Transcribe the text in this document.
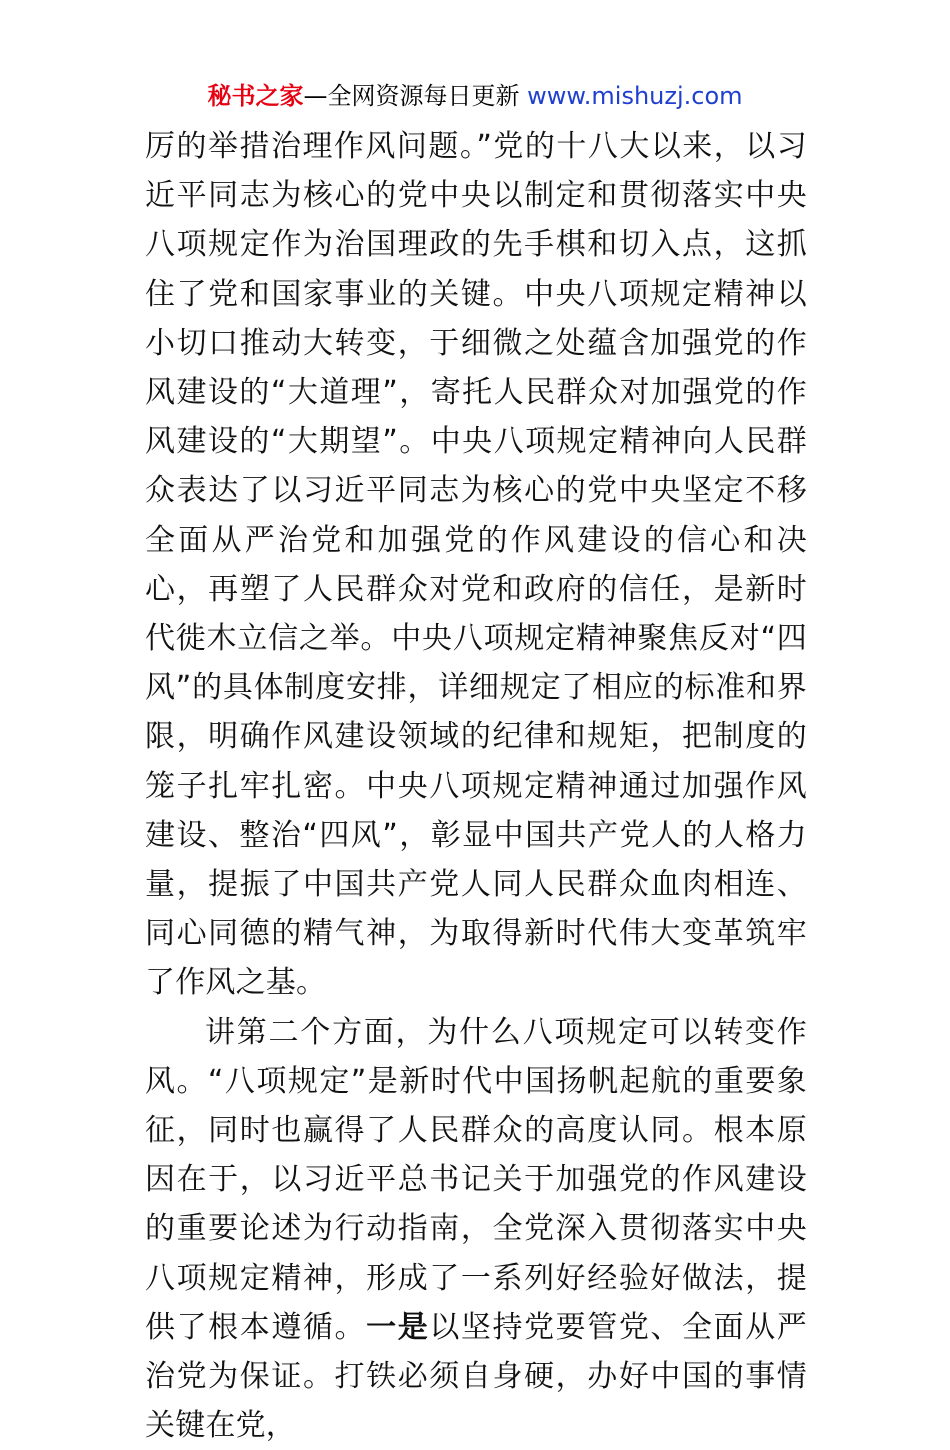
秘书之家—全网资源每日更新 www.mishuzj.com

厉的举措治理作风问题。”党的十八大以来，以习近平同志为核心的党中央以制定和贯彻落实中央八项规定作为治国理政的先手棋和切入点，这抓住了党和国家事业的关键。中央八项规定精神以小切口推动大转变，于细微之处蕴含加强党的作风建设的“大道理”，寄托人民群众对加强党的作风建设的“大期望”。中央八项规定精神向人民群众表达了以习近平同志为核心的党中央坚定不移全面从严治党和加强党的作风建设的信心和决心，再塑了人民群众对党和政府的信任，是新时代徙木立信之举。中央八项规定精神聚焦反对“四风”的具体制度安排，详细规定了相应的标准和界限，明确作风建设领域的纪律和规矩，把制度的笼子扎牢扎密。中央八项规定精神通过加强作风建设、整治“四风”，彰显中国共产党人的人格力量，提振了中国共产党人同人民群众血肉相连、同心同德的精气神，为取得新时代伟大变革筑牢了作风之基。

讲第二个方面，为什么八项规定可以转变作风。“八项规定”是新时代中国扬帆起航的重要象征，同时也赢得了人民群众的高度认同。根本原因在于，以习近平总书记关于加强党的作风建设的重要论述为行动指南，全党深入贯彻落实中央八项规定精神，形成了一系列好经验好做法，提供了根本遵循。一是以坚持党要管党、全面从严治党为保证。打铁必须自身硬，办好中国的事情关键在党，
